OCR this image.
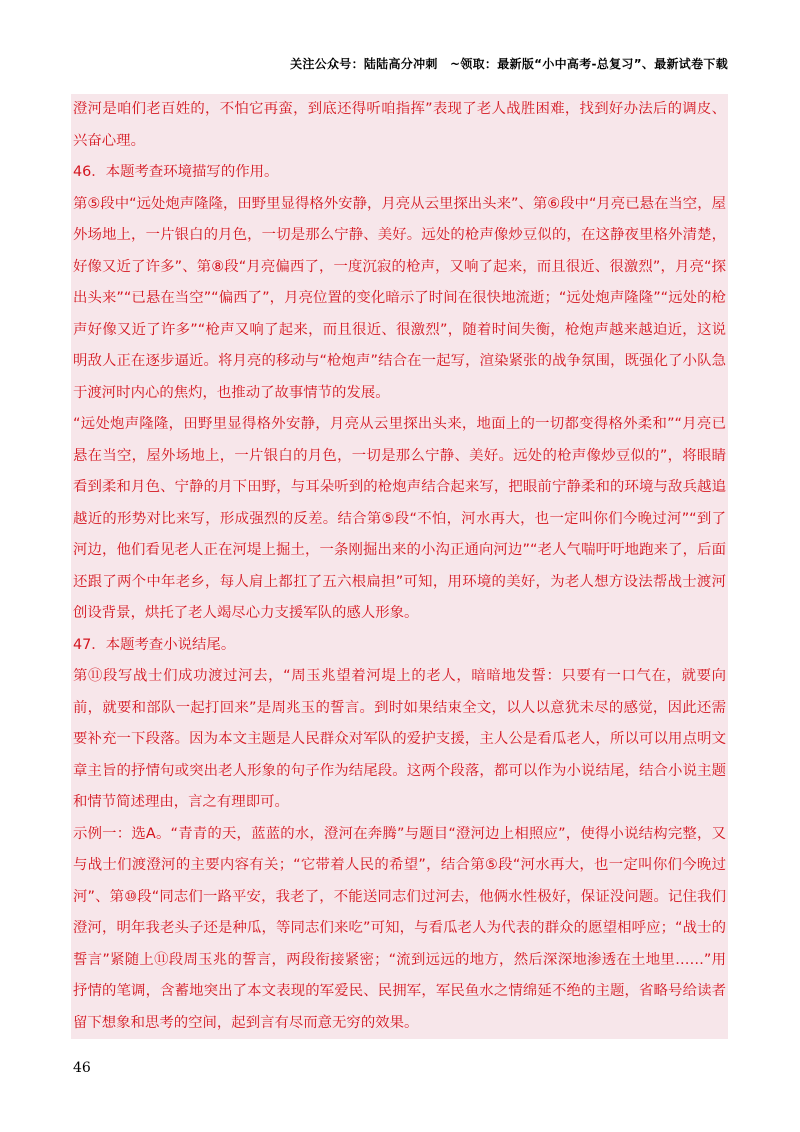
关注公众号：陆陆高分冲刺　~领取：最新版“小中高考-总复习”、最新试卷下载

澄河是咱们老百姓的，不怕它再蛮，到底还得听咱指挥”表现了老人战胜困难，找到好办法后的调皮、兴奋心理。

46．本题考查环境描写的作用。

第⑤段中“远处炮声隆隆，田野里显得格外安静，月亮从云里探出头来”、第⑥段中“月亮已悬在当空，屋外场地上，一片银白的月色，一切是那么宁静、美好。远处的枪声像炒豆似的，在这静夜里格外清楚，好像又近了许多”、第⑧段“月亮偏西了，一度沉寂的枪声，又响了起来，而且很近、很激烈”，月亮“探出头来”“已悬在当空”“偏西了”，月亮位置的变化暗示了时间在很快地流逝；“远处炮声隆隆”“远处的枪声好像又近了许多”“枪声又响了起来，而且很近、很激烈”，随着时间失衡，枪炮声越来越迫近，这说明敌人正在逐步逼近。将月亮的移动与“枪炮声”结合在一起写，渲染紧张的战争氛围，既强化了小队急于渡河时内心的焦灼，也推动了故事情节的发展。

“远处炮声隆隆，田野里显得格外安静，月亮从云里探出头来，地面上的一切都变得格外柔和”“月亮已悬在当空，屋外场地上，一片银白的月色，一切是那么宁静、美好。远处的枪声像炒豆似的”，将眼睛看到柔和月色、宁静的月下田野，与耳朵听到的枪炮声结合起来写，把眼前宁静柔和的环境与敌兵越追越近的形势对比来写，形成强烈的反差。结合第⑤段“不怕，河水再大，也一定叫你们今晚过河”“到了河边，他们看见老人正在河堤上掘土，一条刚掘出来的小沟正通向河边”“老人气喘吁吁地跑来了，后面还跟了两个中年老乡，每人肩上都扛了五六根扁担”可知，用环境的美好，为老人想方设法帮战士渡河创设背景，烘托了老人竭尽心力支援军队的感人形象。

47．本题考查小说结尾。

第⑪段写战士们成功渡过河去，“周玉兆望着河堤上的老人，暗暗地发誓：只要有一口气在，就要向前，就要和部队一起打回来”是周兆玉的誓言。到时如果结束全文，以人以意犹未尽的感觉，因此还需要补充一下段落。因为本文主题是人民群众对军队的爱护支援，主人公是看瓜老人，所以可以用点明文章主旨的抒情句或突出老人形象的句子作为结尾段。这两个段落，都可以作为小说结尾，结合小说主题和情节简述理由，言之有理即可。

示例一：选A。“青青的天，蓝蓝的水，澄河在奔腾”与题目“澄河边上相照应”，使得小说结构完整，又与战士们渡澄河的主要内容有关；“它带着人民的希望”，结合第⑤段“河水再大，也一定叫你们今晚过河”、第⑩段“同志们一路平安，我老了，不能送同志们过河去，他俩水性极好，保证没问题。记住我们澄河，明年我老头子还是种瓜，等同志们来吃”可知，与看瓜老人为代表的群众的愿望相呼应；“战士的誓言”紧随上⑪段周玉兆的誓言，两段衔接紧密；“流到远远的地方，然后深深地渗透在土地里……”用抒情的笔调，含蓄地突出了本文表现的军爱民、民拥军，军民鱼水之情绵延不绝的主题，省略号给读者留下想象和思考的空间，起到言有尽而意无穷的效果。

46
